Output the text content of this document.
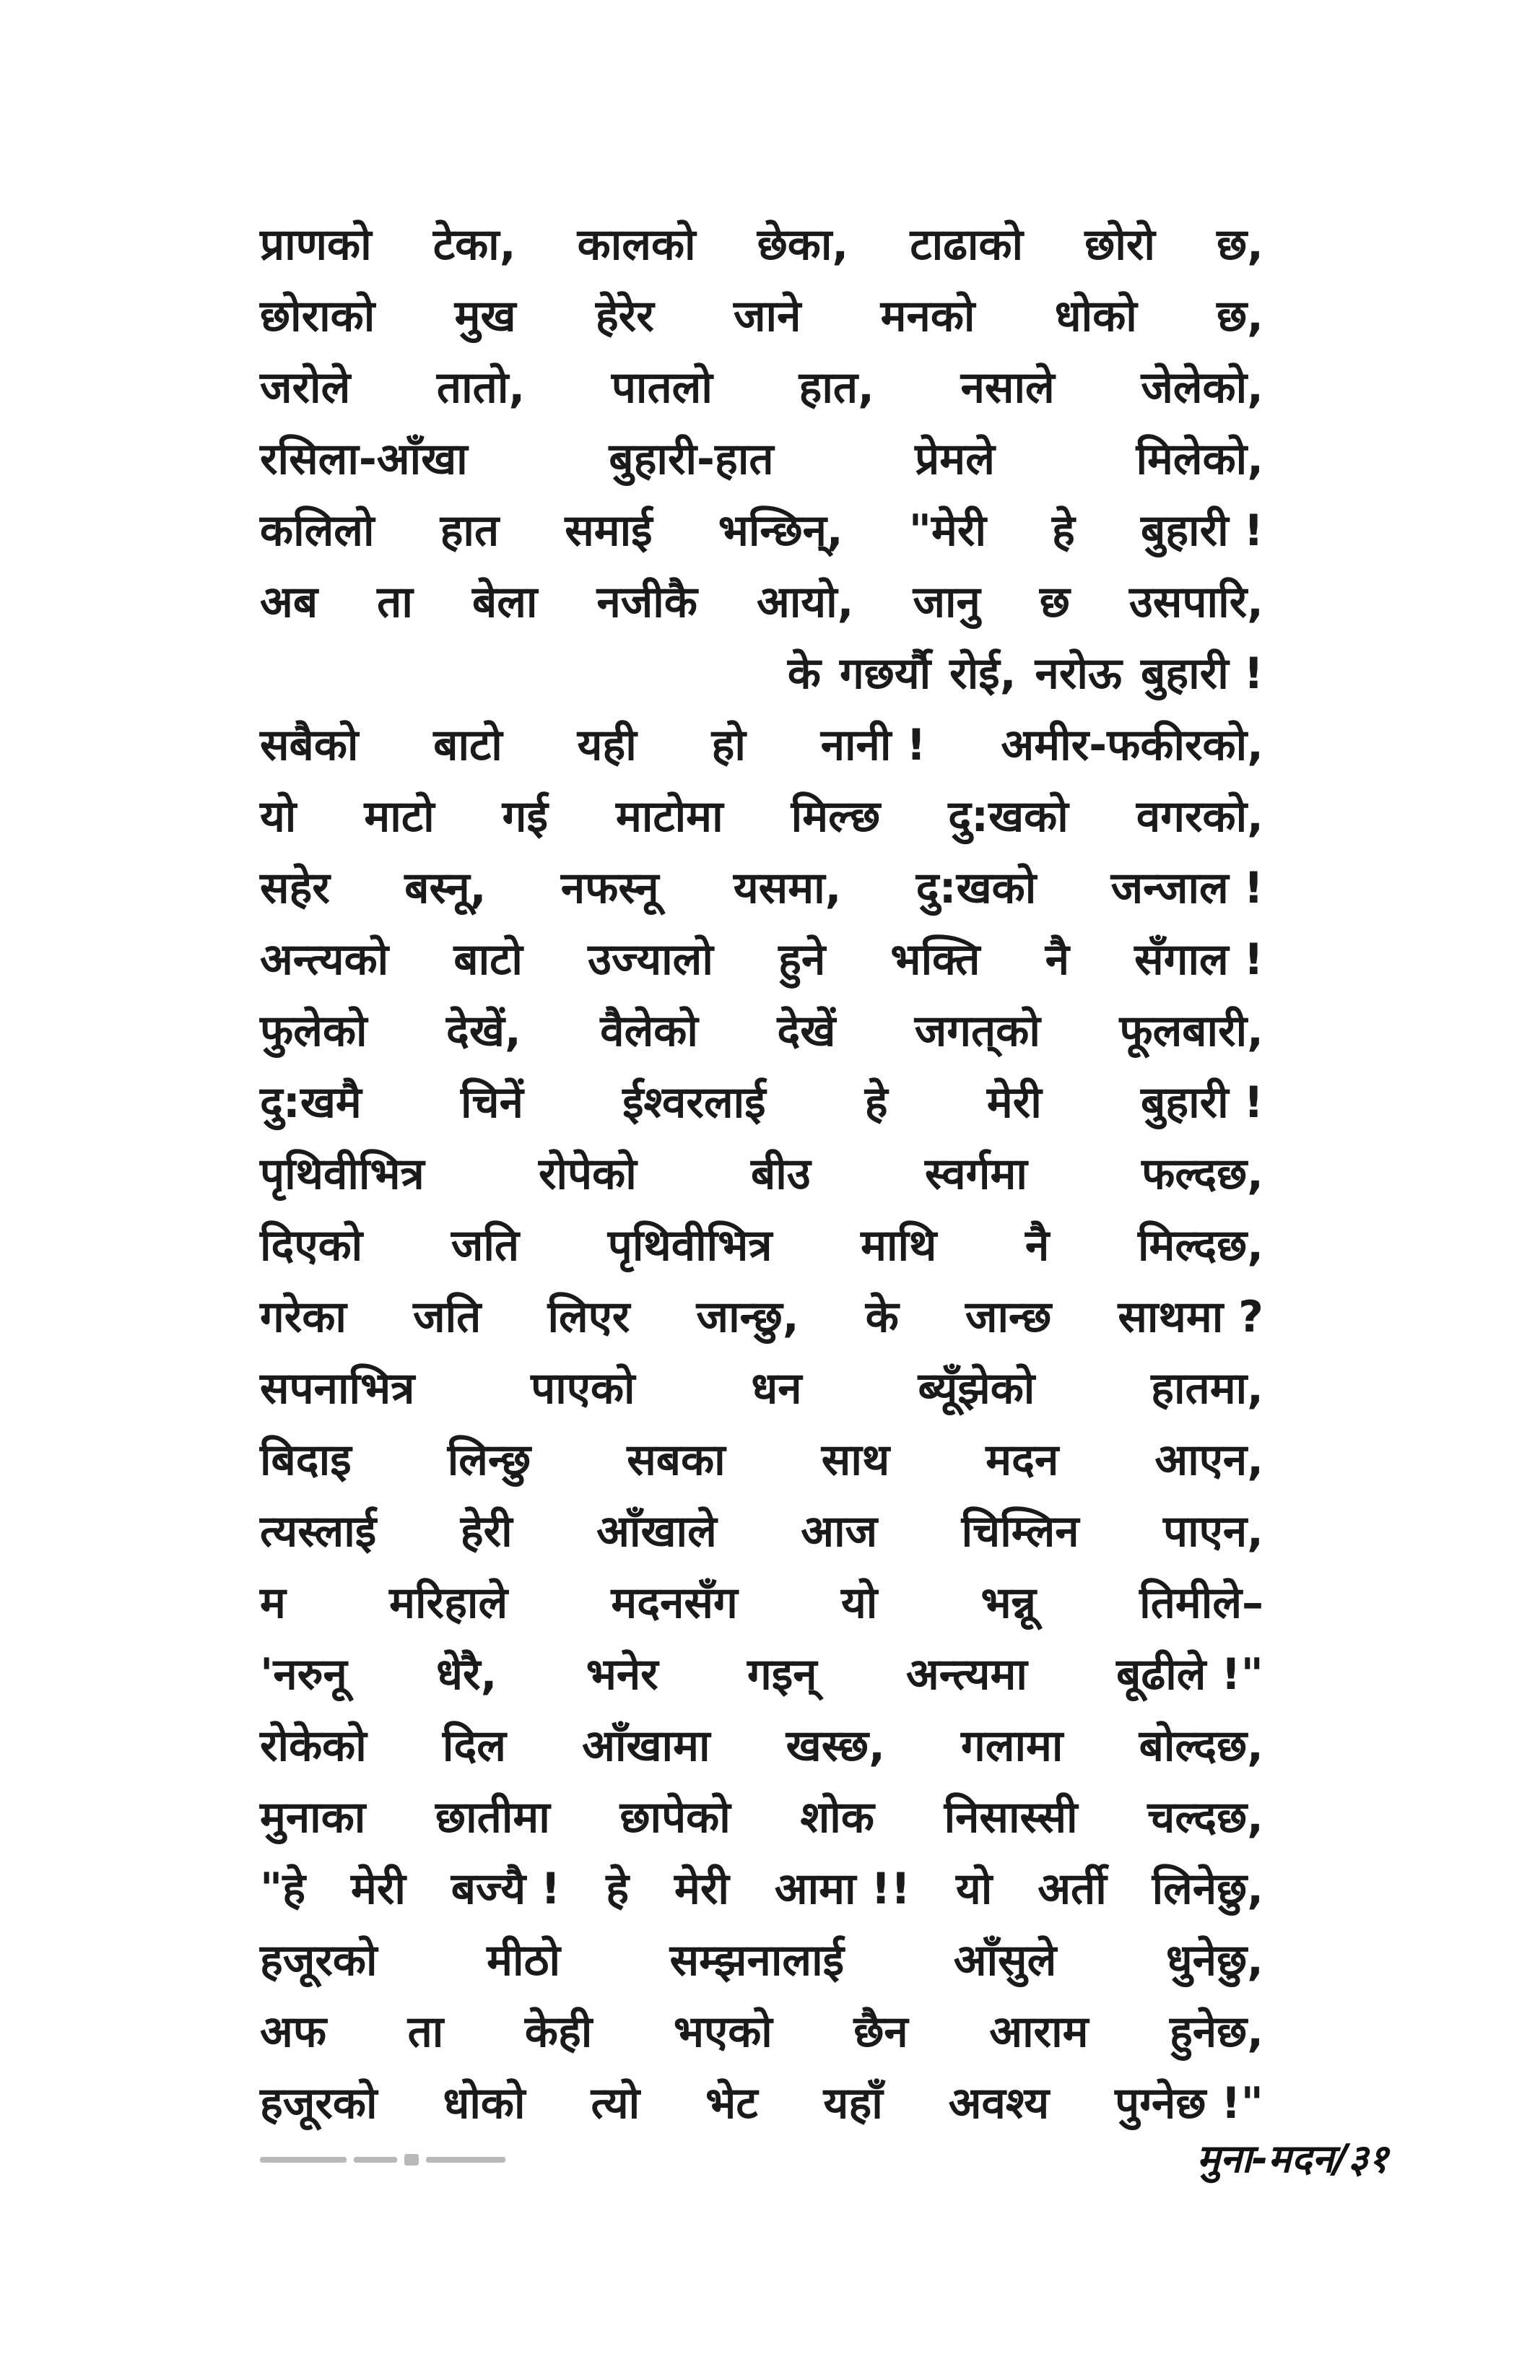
प्राणको टेका, कालको छेका, टाढाको छोरो छ,
छोराको मुख हेरेर जाने मनको धोको छ,
जरोले तातो, पातलो हात, नसाले जेलेको,
रसिला-आँखा	बुहारी-हात	प्रेमले	मिलेको,
कलिलो हात समाई भन्छिन्, "मेरी हे बुहारी !
अब ता बेला नजीकै आयो, जानु छ उसपारि,
के गछर्यौ रोई, नरोऊ बुहारी !
सबैको बाटो यही हो नानी ! अमीर-फकीरको,
यो माटो गई माटोमा मिल्छ दु:खको वगरको,
सहेर बस्नू, नफस्नू यसमा, दु:खको जन्जाल !
अन्त्यको बाटो उज्यालो हुने भक्ति नै सँगाल !
फुलेको देखें, वैलेको देखें जगत्‌को फूलबारी,
दु:खमै चिनें ईश्वरलाई हे मेरी बुहारी !
पृथिवीभित्र	रोपेको	बीउ	स्वर्गमा	फल्दछ,
दिएको जति पृथिवीभित्र माथि नै मिल्दछ,
गरेका जति लिएर जान्छु, के जान्छ साथमा ?
सपनाभित्र	पाएको	धन	ब्यूँझेको	हातमा,
बिदाइ लिन्छु सबका साथ मदन आएन,
त्यस्लाई हेरी आँखाले आज चिम्लिन पाएन,
म मरिहाले मदनसँग यो भन्नू तिमीले–
'नरुनू धेरै, भनेर गइन् अन्त्यमा बूढीले !"
रोकेको दिल आँखामा खस्छ, गलामा बोल्दछ,
मुनाका छातीमा छापेको शोक निसास्सी चल्दछ,
"हे मेरी बज्यै ! हे मेरी आमा !! यो अर्ती लिनेछु,
हजूरको	मीठो	सम्झनालाई	आँसुले	धुनेछु,
अफ ता केही भएको छैन आराम हुनेछ,
हजूरको धोको त्यो भेट यहाँ अवश्य पुग्नेछ !"
मुना-मदन/३१
